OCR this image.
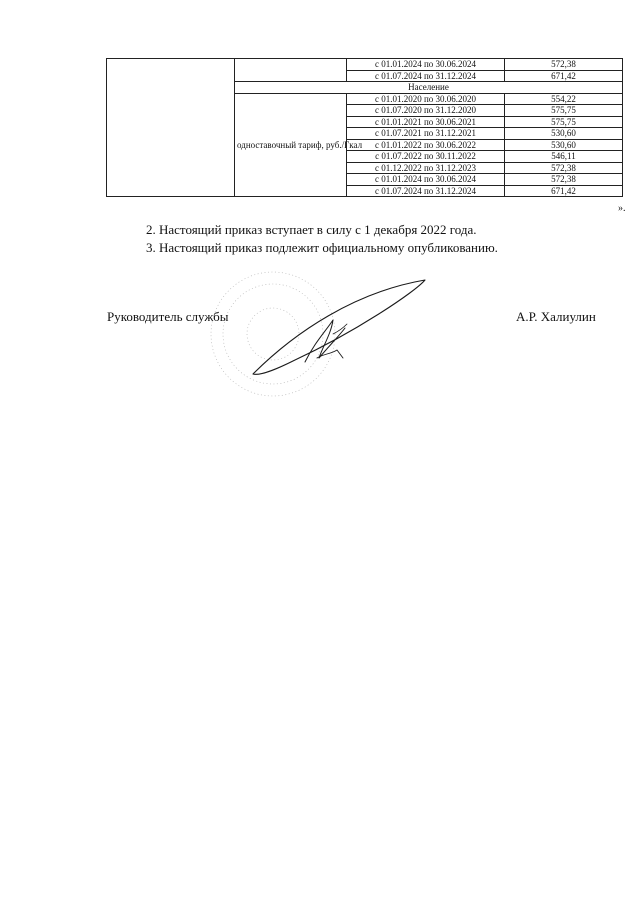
		с 01.01.2024 по 30.06.2024	572,38
		с 01.07.2024 по 31.12.2024	671,42
	Население		
	одноставочный тариф, руб./Гкал	с 01.01.2020 по 30.06.2020	554,22
		с 01.07.2020 по 31.12.2020	575,75
		с 01.01.2021 по 30.06.2021	575,75
		с 01.07.2021 по 31.12.2021	530,60
		с 01.01.2022 по 30.06.2022	530,60
		с 01.07.2022 по 30.11.2022	546,11
		с 01.12.2022 по 31.12.2023	572,38
		с 01.01.2024 по 30.06.2024	572,38
		с 01.07.2024 по 31.12.2024	671,42
».
2. Настоящий приказ вступает в силу с 1 декабря 2022 года.
3. Настоящий приказ подлежит официальному опубликованию.
Руководитель службы	А.Р. Халиулин
